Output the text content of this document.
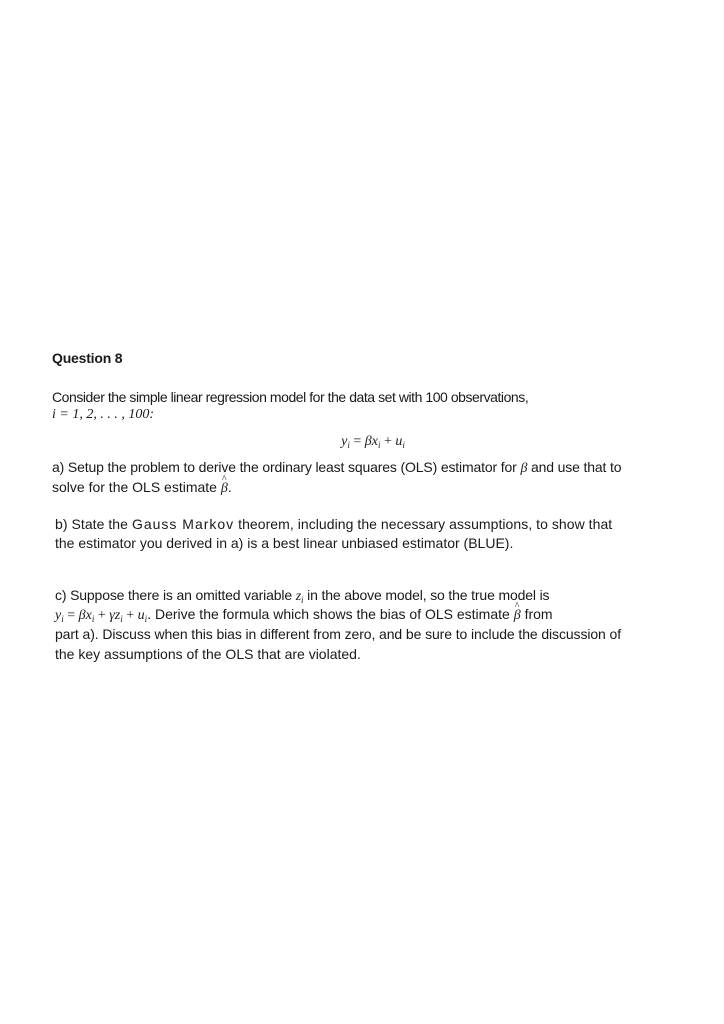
Question 8
Consider the simple linear regression model for the data set with 100 observations,
i = 1, 2, . . . , 100:
$y_i = \beta x_i + u_i$
a) Setup the problem to derive the ordinary least squares (OLS) estimator for β and use that to
solve for the OLS estimate ^ β.
b) State the Gauss Markov theorem, including the necessary assumptions, to show that
the estimator you derived in a) is a best linear unbiased estimator (BLUE).
c) Suppose there is an omitted variable $z_i$ in the above model, so the true model is
$y_i = \beta x_i + \gamma z_i + u_i$. Derive the formula which shows the bias of OLS estimate ^ β from
part a). Discuss when this bias in different from zero, and be sure to include the discussion of
the key assumptions of the OLS that are violated.
